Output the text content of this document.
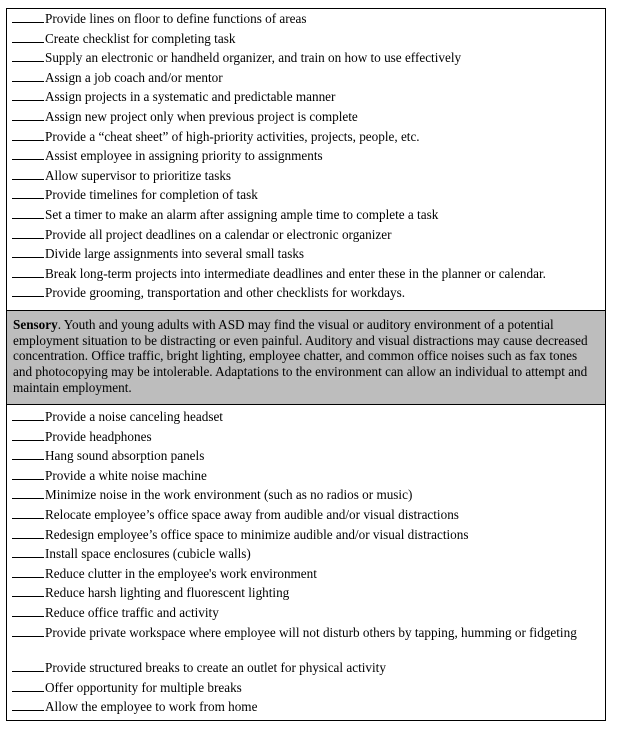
Provide lines on floor to define functions of areas
Create checklist for completing task
Supply an electronic or handheld organizer, and train on how to use effectively
Assign a job coach and/or mentor
Assign projects in a systematic and predictable manner
Assign new project only when previous project is complete
Provide a “cheat sheet” of high-priority activities, projects, people, etc.
Assist employee in assigning priority to assignments
Allow supervisor to prioritize tasks
Provide timelines for completion of task
Set a timer to make an alarm after assigning ample time to complete a task
Provide all project deadlines on a calendar or electronic organizer
Divide large assignments into several small tasks
Break long-term projects into intermediate deadlines and enter these in the planner or calendar.
Provide grooming, transportation and other checklists for workdays.
Sensory. Youth and young adults with ASD may find the visual or auditory environment of a potential employment situation to be distracting or even painful. Auditory and visual distractions may cause decreased concentration. Office traffic, bright lighting, employee chatter, and common office noises such as fax tones and photocopying may be intolerable. Adaptations to the environment can allow an individual to attempt and maintain employment.
Provide a noise canceling headset
Provide headphones
Hang sound absorption panels
Provide a white noise machine
Minimize noise in the work environment (such as no radios or music)
Relocate employee’s office space away from audible and/or visual distractions
Redesign employee’s office space to minimize audible and/or visual distractions
Install space enclosures (cubicle walls)
Reduce clutter in the employee's work environment
Reduce harsh lighting and fluorescent lighting
Reduce office traffic and activity
Provide private workspace where employee will not disturb others by tapping, humming or fidgeting
Provide structured breaks to create an outlet for physical activity
Offer opportunity for multiple breaks
Allow the employee to work from home
